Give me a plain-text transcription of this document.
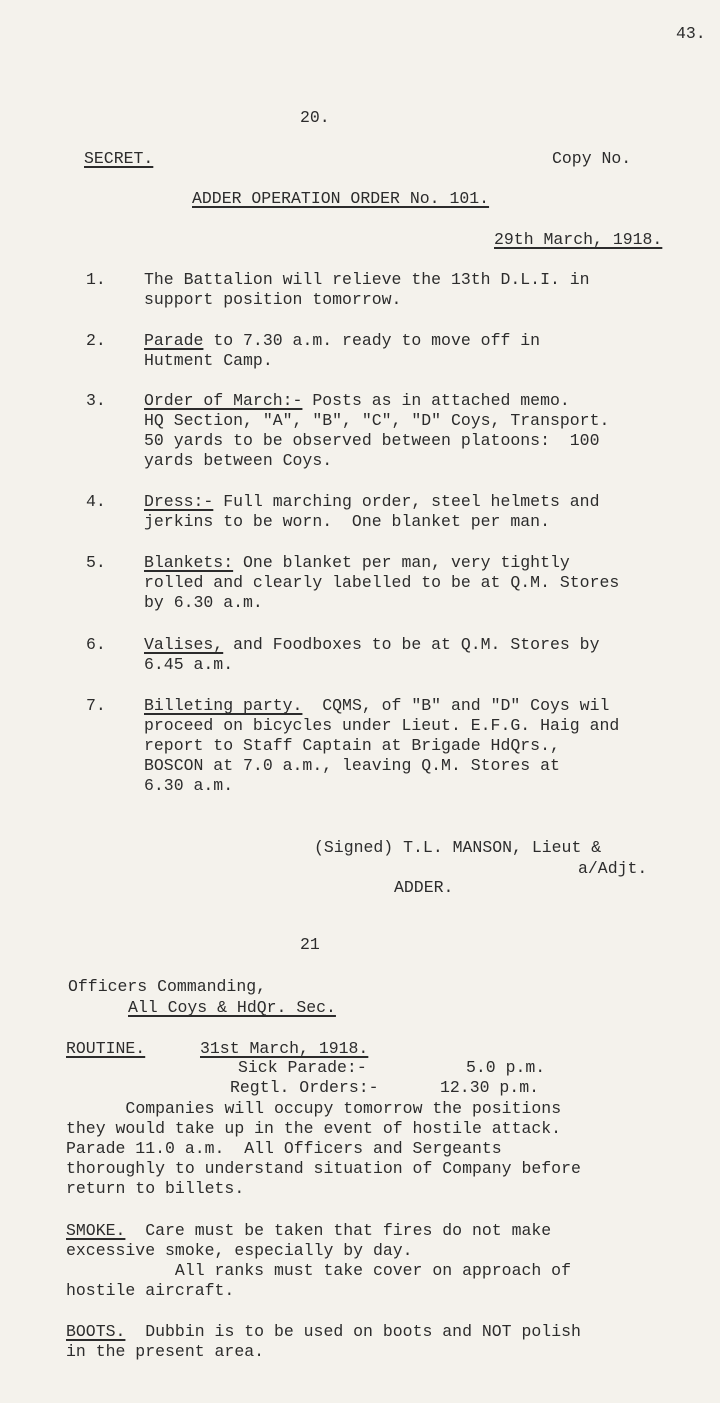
43.
20.
SECRET.	Copy No.
ADDER OPERATION ORDER No. 101.
29th March, 1918.
1. The Battalion will relieve the 13th D.L.I. in
support position tomorrow.
2. Parade to 7.30 a.m. ready to move off in
Hutment Camp.
3. Order of March:- Posts as in attached memo.
HQ Section, "A", "B", "C", "D" Coys, Transport.
50 yards to be observed between platoons:  100
yards between Coys.
4. Dress:- Full marching order, steel helmets and
jerkins to be worn.  One blanket per man.
5. Blankets: One blanket per man, very tightly
rolled and clearly labelled to be at Q.M. Stores
by 6.30 a.m.
6. Valises, and Foodboxes to be at Q.M. Stores by
6.45 a.m.
7. Billeting party.  CQMS, of "B" and "D" Coys wil
proceed on bicycles under Lieut. E.F.G. Haig and
report to Staff Captain at Brigade HdQrs.,
BOSCON at 7.0 a.m., leaving Q.M. Stores at
6.30 a.m.
(Signed) T.L. MANSON, Lieut &
a/Adjt.
ADDER.
21
Officers Commanding,
All Coys & HdQr. Sec.
ROUTINE.	31st March, 1918.
Sick Parade:-	5.0 p.m.
Regtl. Orders:-	12.30 p.m.
Companies will occupy tomorrow the positions
they would take up in the event of hostile attack.
Parade 11.0 a.m.  All Officers and Sergeants
thoroughly to understand situation of Company before
return to billets.
SMOKE.  Care must be taken that fires do not make
excessive smoke, especially by day.
All ranks must take cover on approach of
hostile aircraft.
BOOTS.  Dubbin is to be used on boots and NOT polish
in the present area.
